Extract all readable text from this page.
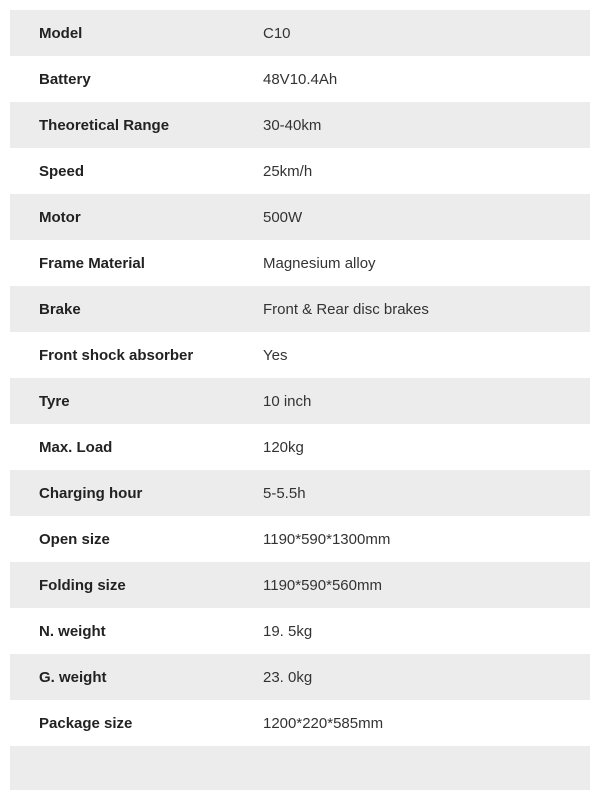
Model	C10
Battery	48V10.4Ah
Theoretical Range	30-40km
Speed	25km/h
Motor	500W
Frame Material	Magnesium alloy
Brake	Front & Rear disc brakes
Front shock absorber	Yes
Tyre	10 inch
Max. Load	120kg
Charging hour	5-5.5h
Open size	1190*590*1300mm
Folding size	1190*590*560mm
N. weight	19. 5kg
G. weight	23. 0kg
Package size	1200*220*585mm
